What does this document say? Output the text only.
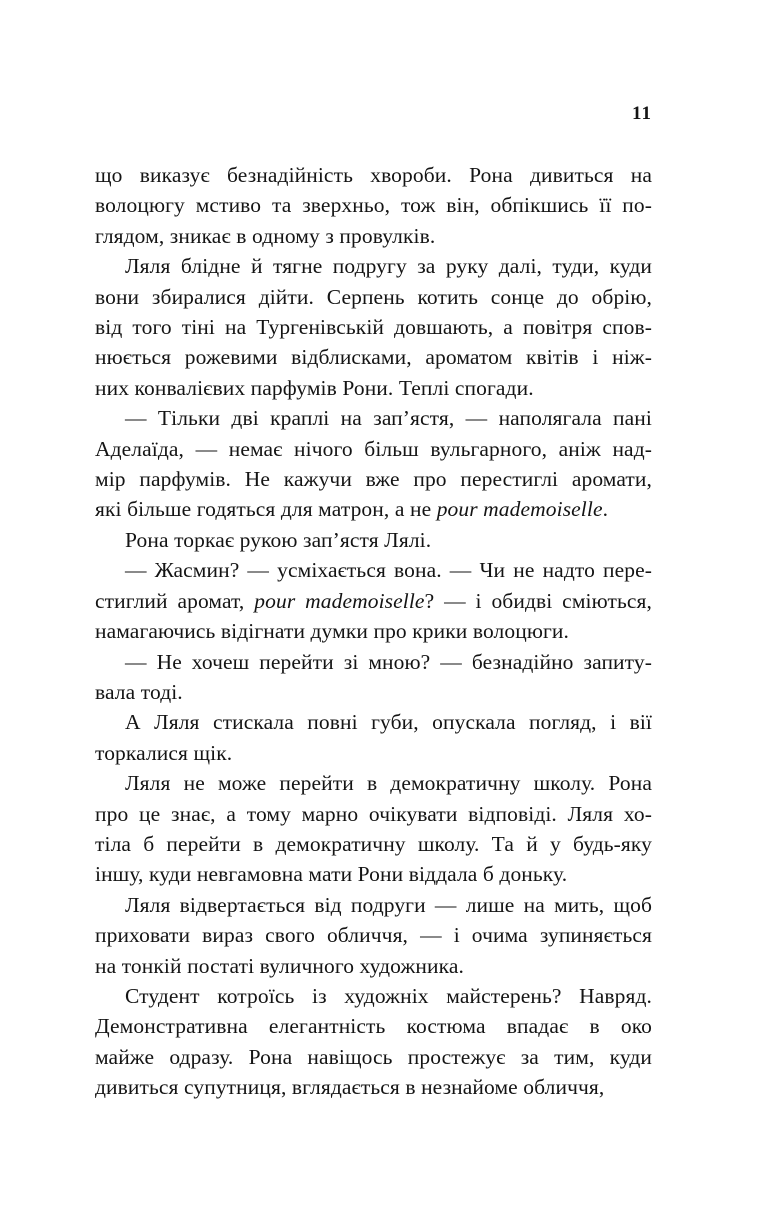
11
що виказує безнадійність хвороби. Рона дивиться на
волоцюгу мстиво та зверхньо, тож він, обпікшись її по-
глядом, зникає в одному з провулків.
Ляля блідне й тягне подругу за руку далі, туди, куди
вони збиралися дійти. Серпень котить сонце до обрію,
від того тіні на Тургенівській довшають, а повітря спов-
нюється рожевими відблисками, ароматом квітів і ніж-
них конвалієвих парфумів Рони. Теплі спогади.
— Тільки дві краплі на зап’ястя, — наполягала пані
Аделаїда, — немає нічого більш вульгарного, аніж над-
мір парфумів. Не кажучи вже про перестиглі аромати,
які більше годяться для матрон, а не pour mademoiselle.
Рона торкає рукою зап’ястя Лялі.
— Жасмин? — усміхається вона. — Чи не надто пере-
стиглий аромат, pour mademoiselle? — і обидві сміються,
намагаючись відігнати думки про крики волоцюги.
— Не хочеш перейти зі мною? — безнадійно запиту-
вала тоді.
А Ляля стискала повні губи, опускала погляд, і вії
торкалися щік.
Ляля не може перейти в демократичну школу. Рона
про це знає, а тому марно очікувати відповіді. Ляля хо-
тіла б перейти в демократичну школу. Та й у будь-яку
іншу, куди невгамовна мати Рони віддала б доньку.
Ляля відвертається від подруги — лише на мить, щоб
приховати вираз свого обличчя, — і очима зупиняється
на тонкій постаті вуличного художника.
Студент котроїсь із художніх майстерень? Навряд.
Демонстративна елегантність костюма впадає в око
майже одразу. Рона навіщось простежує за тим, куди
дивиться супутниця, вглядається в незнайоме обличчя,
